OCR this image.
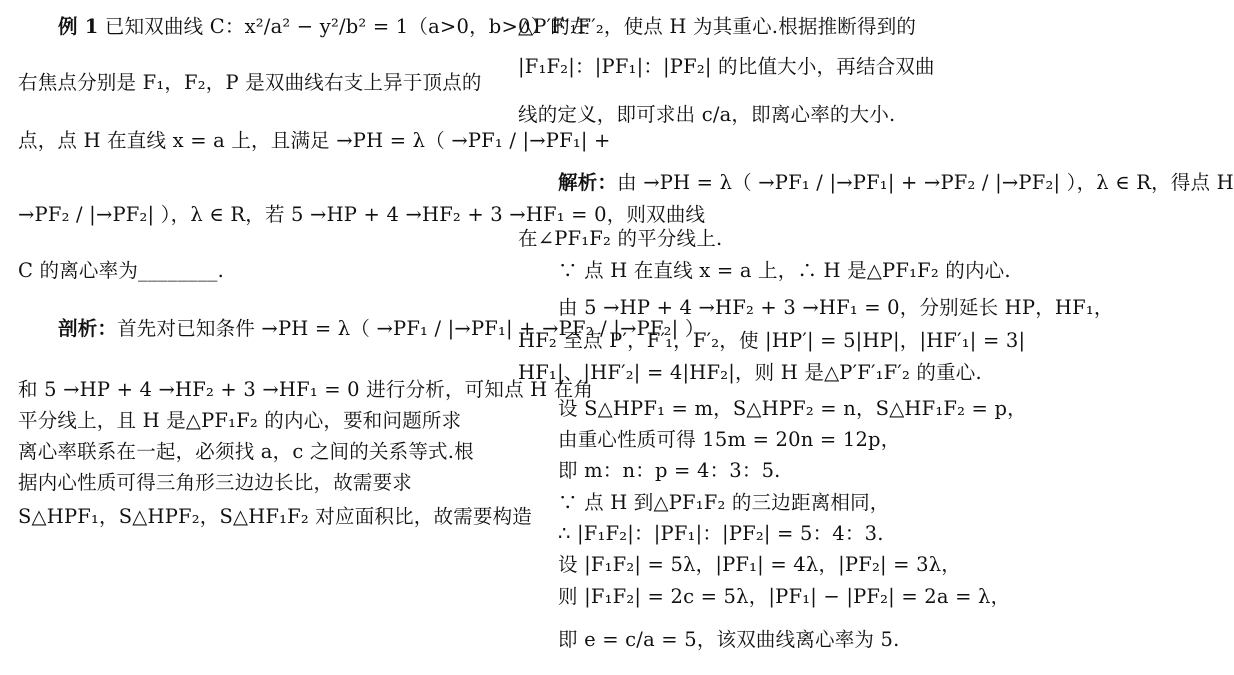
例 1 已知双曲线 C：x²/a² − y²/b² = 1（a>0，b>0）的左
右焦点分别是 F₁，F₂，P 是双曲线右支上异于顶点的
点，点 H 在直线 x = a 上，且满足 →PH = λ（ →PF₁ / |→PF₁| +
→PF₂ / |→PF₂| ），λ ∈ R，若 5 →HP + 4 →HF₂ + 3 →HF₁ = 0，则双曲线
C 的离心率为________.
剖析：首先对已知条件 →PH = λ（ →PF₁ / |→PF₁| + →PF₂ / |→PF₂| ）
和 5 →HP + 4 →HF₂ + 3 →HF₁ = 0 进行分析，可知点 H 在角
平分线上，且 H 是△PF₁F₂ 的内心，要和问题所求
离心率联系在一起，必须找 a，c 之间的关系等式.根
据内心性质可得三角形三边边长比，故需要求
S△HPF₁，S△HPF₂，S△HF₁F₂ 对应面积比，故需要构造
△P′F′₁F′₂，使点 H 为其重心.根据推断得到的
|F₁F₂|：|PF₁|：|PF₂| 的比值大小，再结合双曲
线的定义，即可求出 c/a，即离心率的大小.
解析：由 →PH = λ（ →PF₁ / |→PF₁| + →PF₂ / |→PF₂| ），λ ∈ R，得点 H
在∠PF₁F₂ 的平分线上.
∵ 点 H 在直线 x = a 上，∴ H 是△PF₁F₂ 的内心.
由 5 →HP + 4 →HF₂ + 3 →HF₁ = 0，分别延长 HP，HF₁，
HF₂ 至点 P′，F′₁，F′₂，使 |HP′| = 5|HP|，|HF′₁| = 3|
HF₁|、|HF′₂| = 4|HF₂|，则 H 是△P′F′₁F′₂ 的重心.
设 S△HPF₁ = m，S△HPF₂ = n，S△HF₁F₂ = p，
由重心性质可得 15m = 20n = 12p，
即 m：n：p = 4：3：5.
∵ 点 H 到△PF₁F₂ 的三边距离相同，
∴ |F₁F₂|：|PF₁|：|PF₂| = 5：4：3.
设 |F₁F₂| = 5λ，|PF₁| = 4λ，|PF₂| = 3λ，
则 |F₁F₂| = 2c = 5λ，|PF₁| − |PF₂| = 2a = λ，
即 e = c/a = 5，该双曲线离心率为 5.
